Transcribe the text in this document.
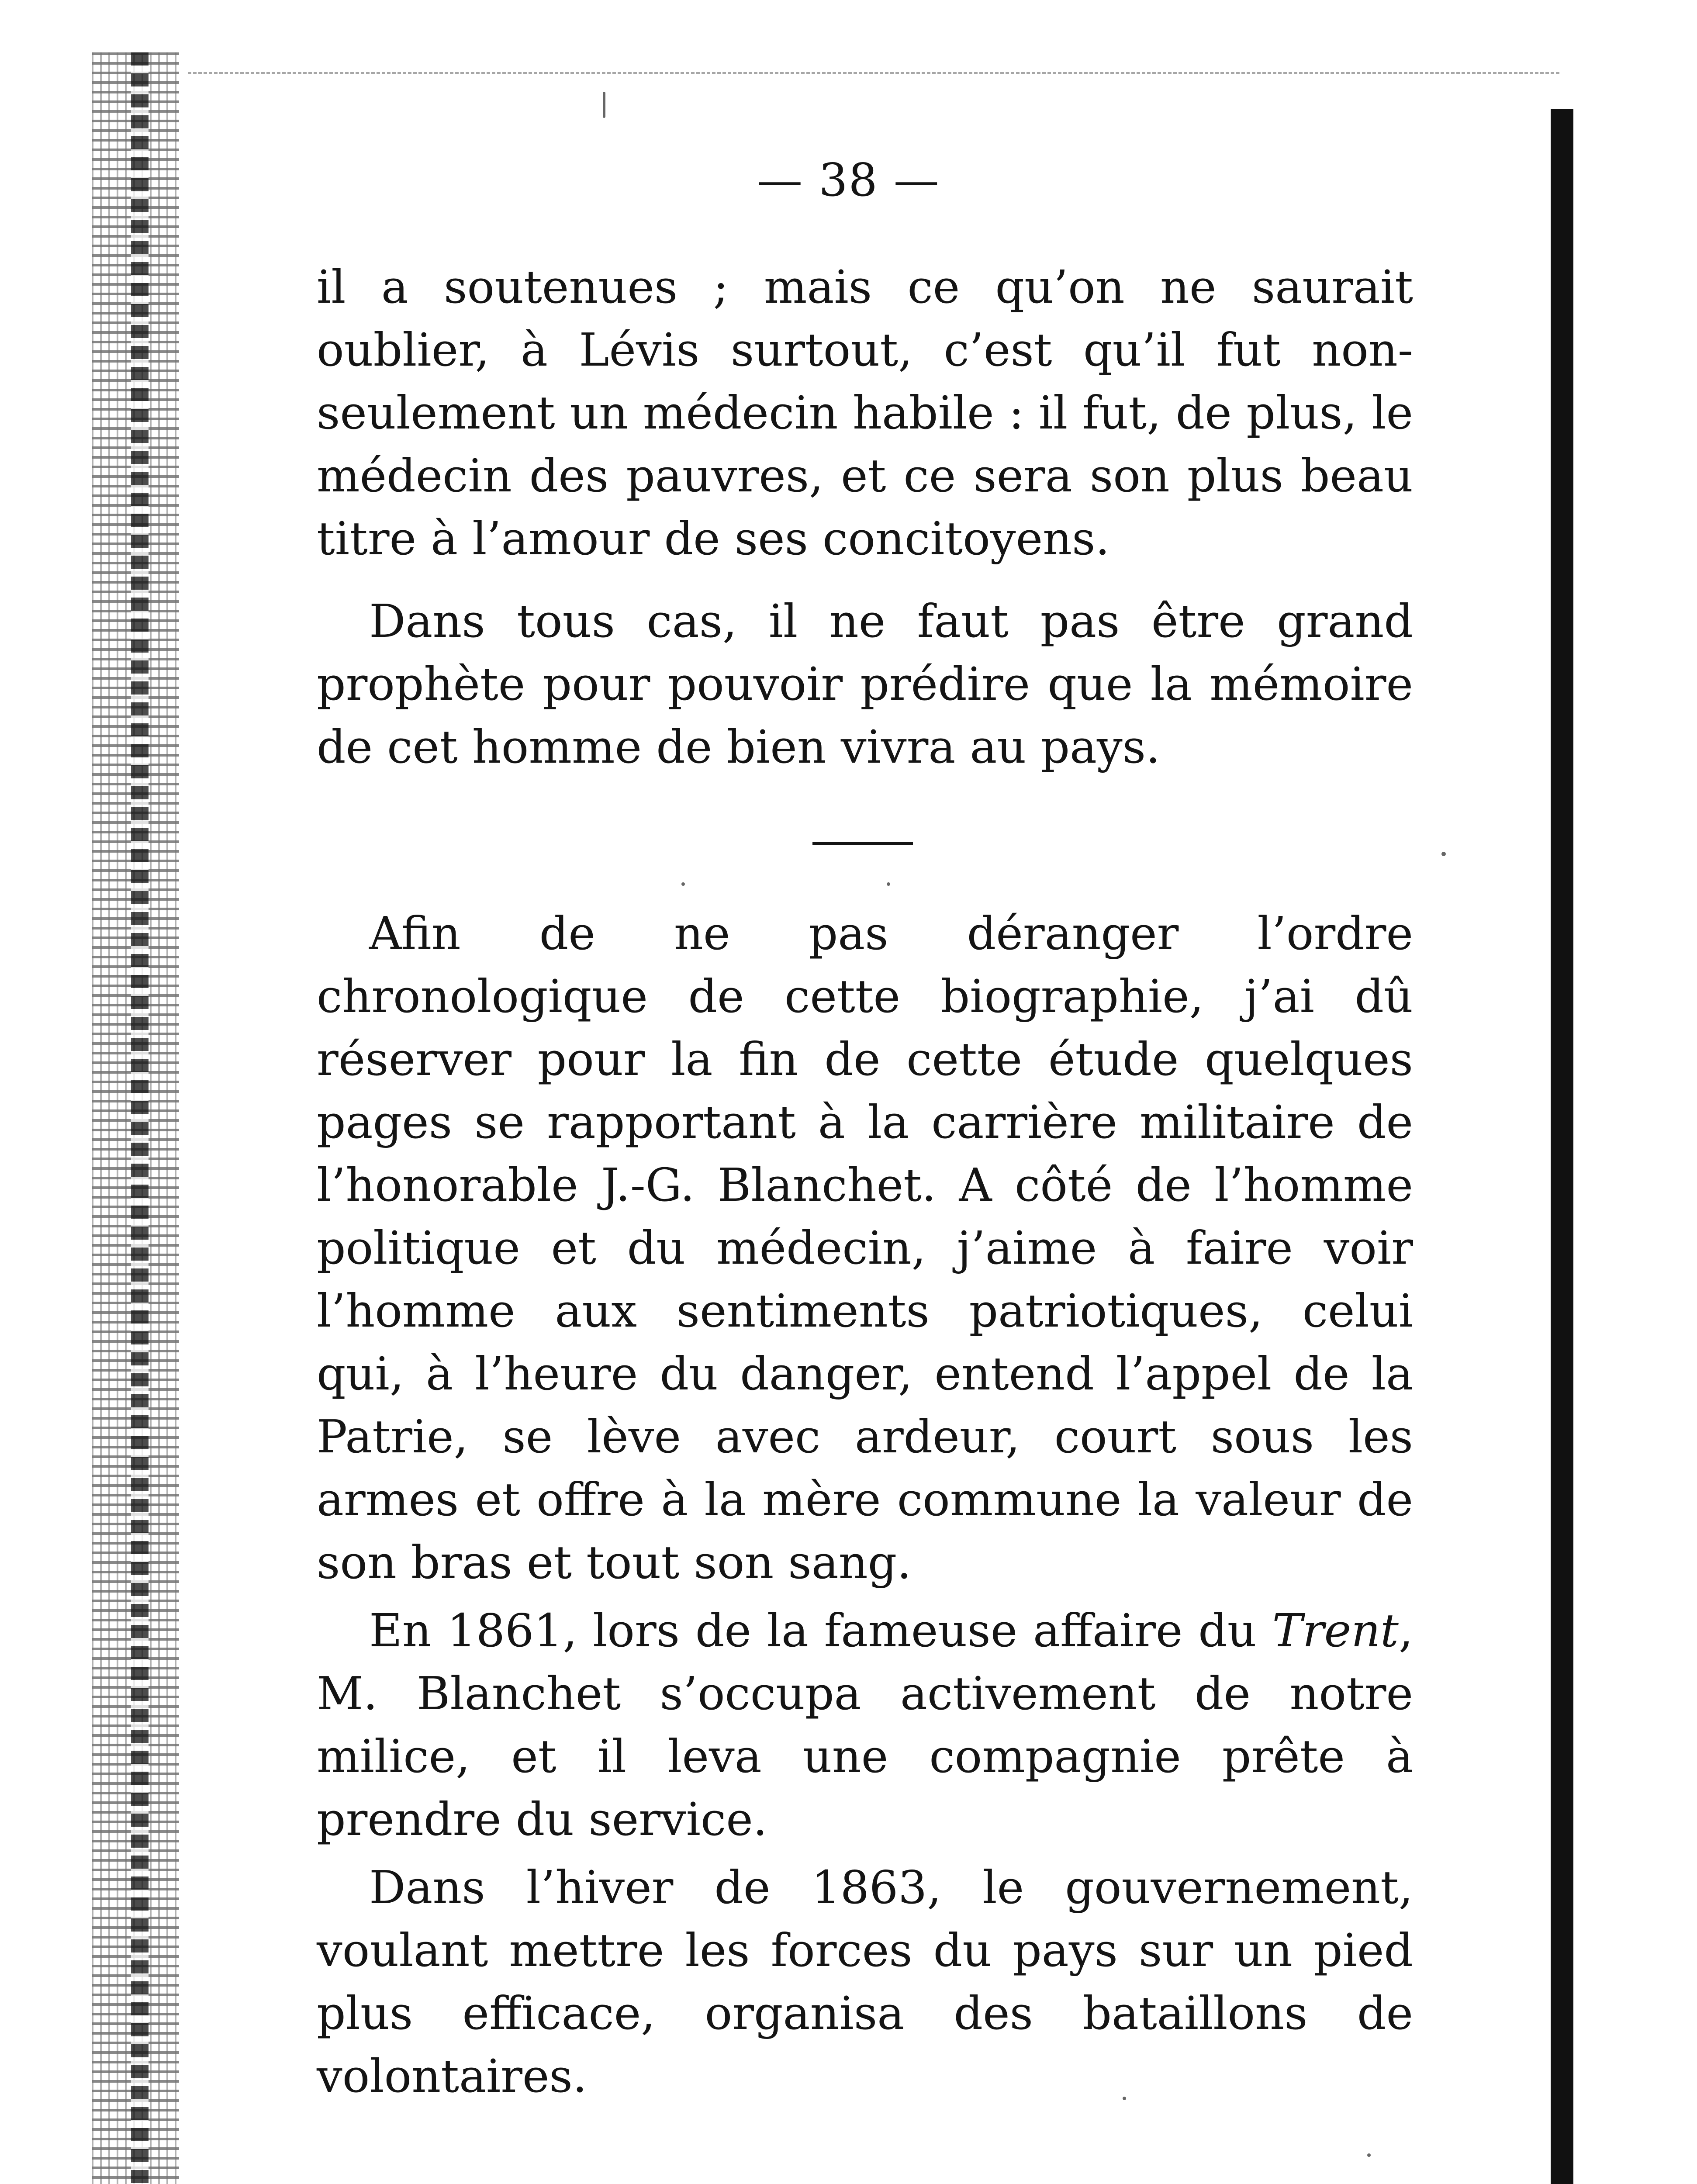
— 38 —

il a soutenues ; mais ce qu’on ne saurait oublier, à Lévis surtout, c’est qu’il fut non-seulement un médecin habile : il fut, de plus, le médecin des pauvres, et ce sera son plus beau titre à l’amour de ses concitoyens.

Dans tous cas, il ne faut pas être grand prophète pour pouvoir prédire que la mémoire de cet homme de bien vivra au pays.

Afin de ne pas déranger l’ordre chronologique de cette biographie, j’ai dû réserver pour la fin de cette étude quelques pages se rapportant à la carrière militaire de l’honorable J.-G. Blanchet. A côté de l’homme politique et du médecin, j’aime à faire voir l’homme aux sentiments patriotiques, celui qui, à l’heure du danger, entend l’appel de la Patrie, se lève avec ardeur, court sous les armes et offre à la mère commune la valeur de son bras et tout son sang.

En 1861, lors de la fameuse affaire du Trent, M. Blanchet s’occupa activement de notre milice, et il leva une compagnie prête à prendre du service.

Dans l’hiver de 1863, le gouvernement, voulant mettre les forces du pays sur un pied plus efficace, organisa des bataillons de volontaires.
